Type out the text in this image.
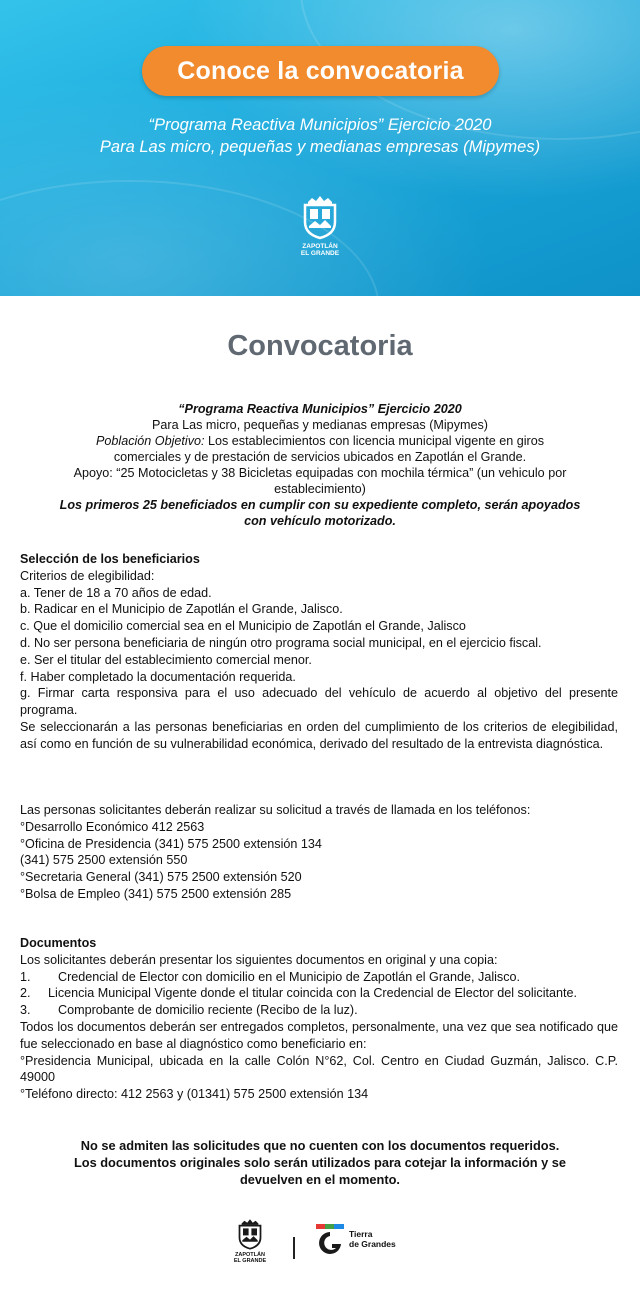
Conoce la convocatoria
“Programa Reactiva Municipios” Ejercicio 2020
Para Las micro, pequeñas y medianas empresas (Mipymes)
ZAPOTLÁN
EL GRANDE
Convocatoria
“Programa Reactiva Municipios” Ejercicio 2020
Para Las micro, pequeñas y medianas empresas (Mipymes)
Población Objetivo: Los establecimientos con licencia municipal vigente en giros
comerciales y de prestación de servicios ubicados en Zapotlán el Grande.
Apoyo: “25 Motocicletas y 38 Bicicletas equipadas con mochila térmica” (un vehiculo por
establecimiento)
Los primeros 25 beneficiados en cumplir con su expediente completo, serán apoyados
con vehículo motorizado.
Selección de los beneficiarios
Criterios de elegibilidad:
a. Tener de 18 a 70 años de edad.
b. Radicar en el Municipio de Zapotlán el Grande, Jalisco.
c. Que el domicilio comercial sea en el Municipio de Zapotlán el Grande, Jalisco
d. No ser persona beneficiaria de ningún otro programa social municipal, en el ejercicio fiscal.
e. Ser el titular del establecimiento comercial menor.
f. Haber completado la documentación requerida.
g. Firmar carta responsiva para el uso adecuado del vehículo de acuerdo al objetivo del presente programa.
Se seleccionarán a las personas beneficiarias en orden del cumplimiento de los criterios de elegibilidad, así como en función de su vulnerabilidad económica, derivado del resultado de la entrevista diagnóstica.
Las personas solicitantes deberán realizar su solicitud a través de llamada en los teléfonos:
°Desarrollo Económico 412 2563
°Oficina de Presidencia (341) 575 2500 extensión 134
(341) 575 2500 extensión 550
°Secretaria General (341) 575 2500 extensión 520
°Bolsa de Empleo (341) 575 2500 extensión 285
Documentos
Los solicitantes deberán presentar los siguientes documentos en original y una copia:
1.	Credencial de Elector con domicilio en el Municipio de Zapotlán el Grande, Jalisco.
2. Licencia Municipal Vigente donde el titular coincida con la Credencial de Elector del solicitante.
3.	Comprobante de domicilio reciente (Recibo de la luz).
Todos los documentos deberán ser entregados completos, personalmente, una vez que sea notificado que fue seleccionado en base al diagnóstico como beneficiario en:
°Presidencia Municipal, ubicada en la calle Colón N°62, Col. Centro en Ciudad Guzmán, Jalisco. C.P. 49000
°Teléfono directo: 412 2563 y (01341) 575 2500 extensión 134
No se admiten las solicitudes que no cuenten con los documentos requeridos.
Los documentos originales solo serán utilizados para cotejar la información y se
devuelven en el momento.
ZAPOTLÁN
EL GRANDE
Tierra
de Grandes
